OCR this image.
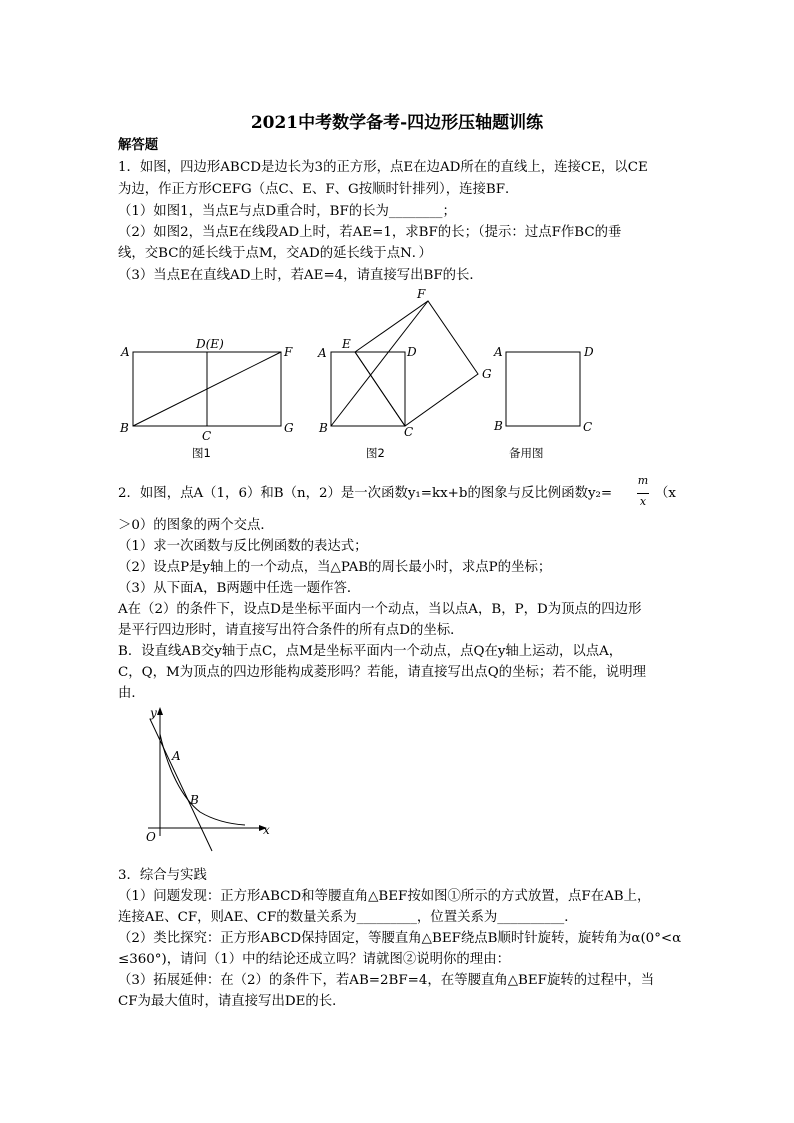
2021中考数学备考-四边形压轴题训练
解答题
1．如图，四边形ABCD是边长为3的正方形，点E在边AD所在的直线上，连接CE，以CE
为边，作正方形CEFG（点C、E、F、G按顺时针排列），连接BF．
（1）如图1，当点E与点D重合时，BF的长为________；
（2）如图2，当点E在线段AD上时，若AE=1，求BF的长；（提示：过点F作BC的垂
线，交BC的延长线于点M，交AD的延长线于点N．）
（3）当点E在直线AD上时，若AE=4，请直接写出BF的长．
A
D(E)
F
B
C
G
图1
F
A
E
D
G
B	C
图2
A	D
B	C
备用图
y
A
B
O	x
2．如图，点A（1，6）和B（n，2）是一次函数y₁=kx+b的图象与反比例函数y₂=
m
x
（x
＞0）的图象的两个交点．
（1）求一次函数与反比例函数的表达式；
（2）设点P是y轴上的一个动点，当△PAB的周长最小时，求点P的坐标；
（3）从下面A，B两题中任选一题作答．
A在（2）的条件下，设点D是坐标平面内一个动点，当以点A，B，P，D为顶点的四边形
是平行四边形时，请直接写出符合条件的所有点D的坐标．
B．设直线AB交y轴于点C，点M是坐标平面内一个动点，点Q在y轴上运动，以点A，
C，Q，M为顶点的四边形能构成菱形吗？若能，请直接写出点Q的坐标；若不能，说明理
由．
3．综合与实践
（1）问题发现：正方形ABCD和等腰直角△BEF按如图①所示的方式放置，点F在AB上，
连接AE、CF，则AE、CF的数量关系为_________，位置关系为__________．
（2）类比探究：正方形ABCD保持固定，等腰直角△BEF绕点B顺时针旋转，旋转角为α(0°<α
≤360°)，请问（1）中的结论还成立吗？请就图②说明你的理由：
（3）拓展延伸：在（2）的条件下，若AB=2BF=4，在等腰直角△BEF旋转的过程中，当
CF为最大值时，请直接写出DE的长．
